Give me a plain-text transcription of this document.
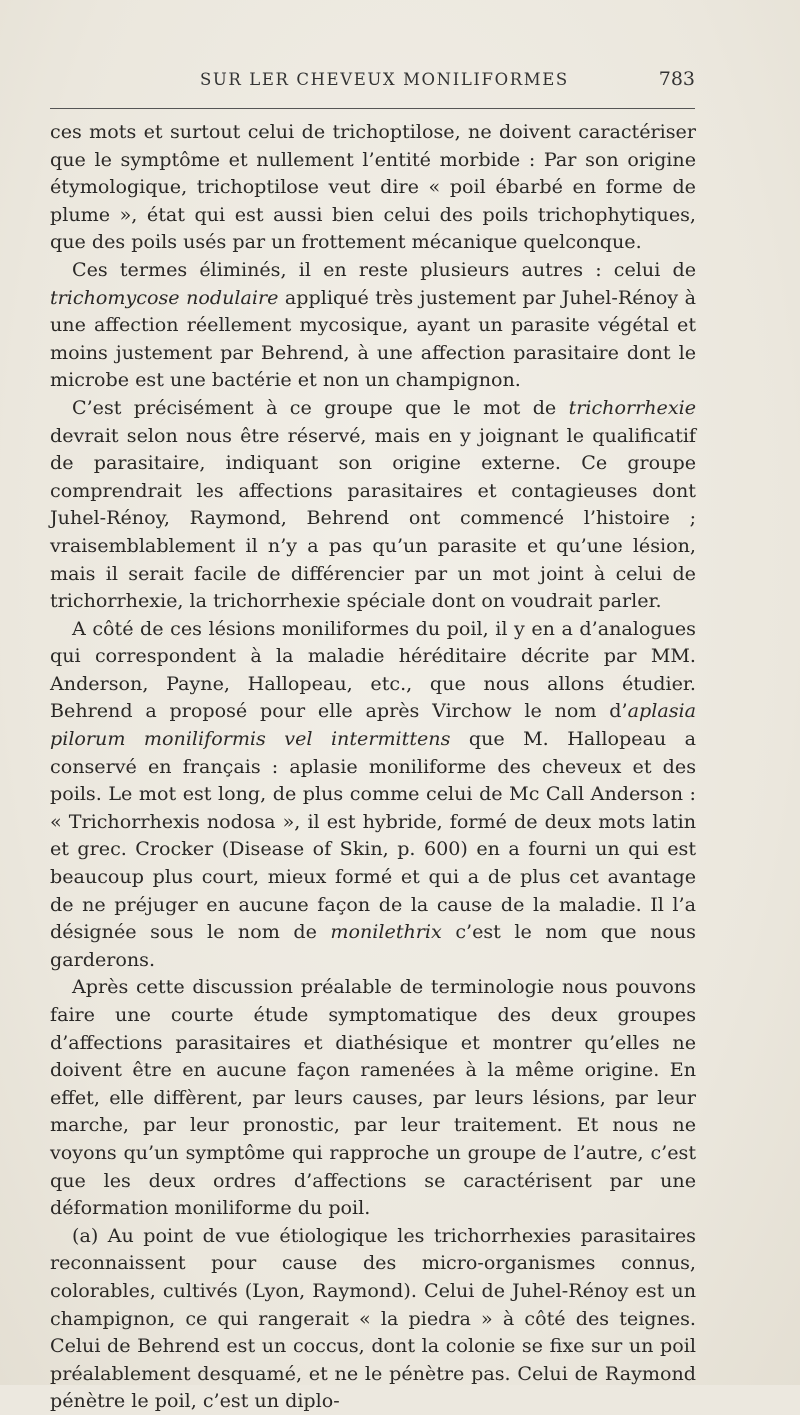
SUR LER CHEVEUX MONILIFORMES	783

ces mots et surtout celui de trichoptilose, ne doivent caractériser que le symptôme et nullement l’entité morbide : Par son origine étymologique, trichoptilose veut dire « poil ébarbé en forme de plume », état qui est aussi bien celui des poils trichophytiques, que des poils usés par un frottement mécanique quelconque.

Ces termes éliminés, il en reste plusieurs autres : celui de trichomycose nodulaire appliqué très justement par Juhel-Rénoy à une affection réellement mycosique, ayant un parasite végétal et moins justement par Behrend, à une affection parasitaire dont le microbe est une bactérie et non un champignon.

C’est précisément à ce groupe que le mot de trichorrhexie devrait selon nous être réservé, mais en y joignant le qualificatif de parasitaire, indiquant son origine externe. Ce groupe comprendrait les affections parasitaires et contagieuses dont Juhel-Rénoy, Raymond, Behrend ont commencé l’histoire ; vraisemblablement il n’y a pas qu’un parasite et qu’une lésion, mais il serait facile de différencier par un mot joint à celui de trichorrhexie, la trichorrhexie spéciale dont on voudrait parler.

A côté de ces lésions moniliformes du poil, il y en a d’analogues qui correspondent à la maladie héréditaire décrite par MM. Anderson, Payne, Hallopeau, etc., que nous allons étudier. Behrend a proposé pour elle après Virchow le nom d’aplasia pilorum moniliformis vel intermittens que M. Hallopeau a conservé en français : aplasie moniliforme des cheveux et des poils. Le mot est long, de plus comme celui de Mc Call Anderson : « Trichorrhexis nodosa », il est hybride, formé de deux mots latin et grec. Crocker (Disease of Skin, p. 600) en a fourni un qui est beaucoup plus court, mieux formé et qui a de plus cet avantage de ne préjuger en aucune façon de la cause de la maladie. Il l’a désignée sous le nom de monilethrix c’est le nom que nous garderons.

Après cette discussion préalable de terminologie nous pouvons faire une courte étude symptomatique des deux groupes d’affections parasitaires et diathésique et montrer qu’elles ne doivent être en aucune façon ramenées à la même origine. En effet, elle diffèrent, par leurs causes, par leurs lésions, par leur marche, par leur pronostic, par leur traitement. Et nous ne voyons qu’un symptôme qui rapproche un groupe de l’autre, c’est que les deux ordres d’affections se caractérisent par une déformation moniliforme du poil.

(a) Au point de vue étiologique les trichorrhexies parasitaires reconnaissent pour cause des micro-organismes connus, colorables, cultivés (Lyon, Raymond). Celui de Juhel-Rénoy est un champignon, ce qui rangerait « la piedra » à côté des teignes. Celui de Behrend est un coccus, dont la colonie se fixe sur un poil préalablement desquamé, et ne le pénètre pas. Celui de Raymond pénètre le poil, c’est un diplo-
